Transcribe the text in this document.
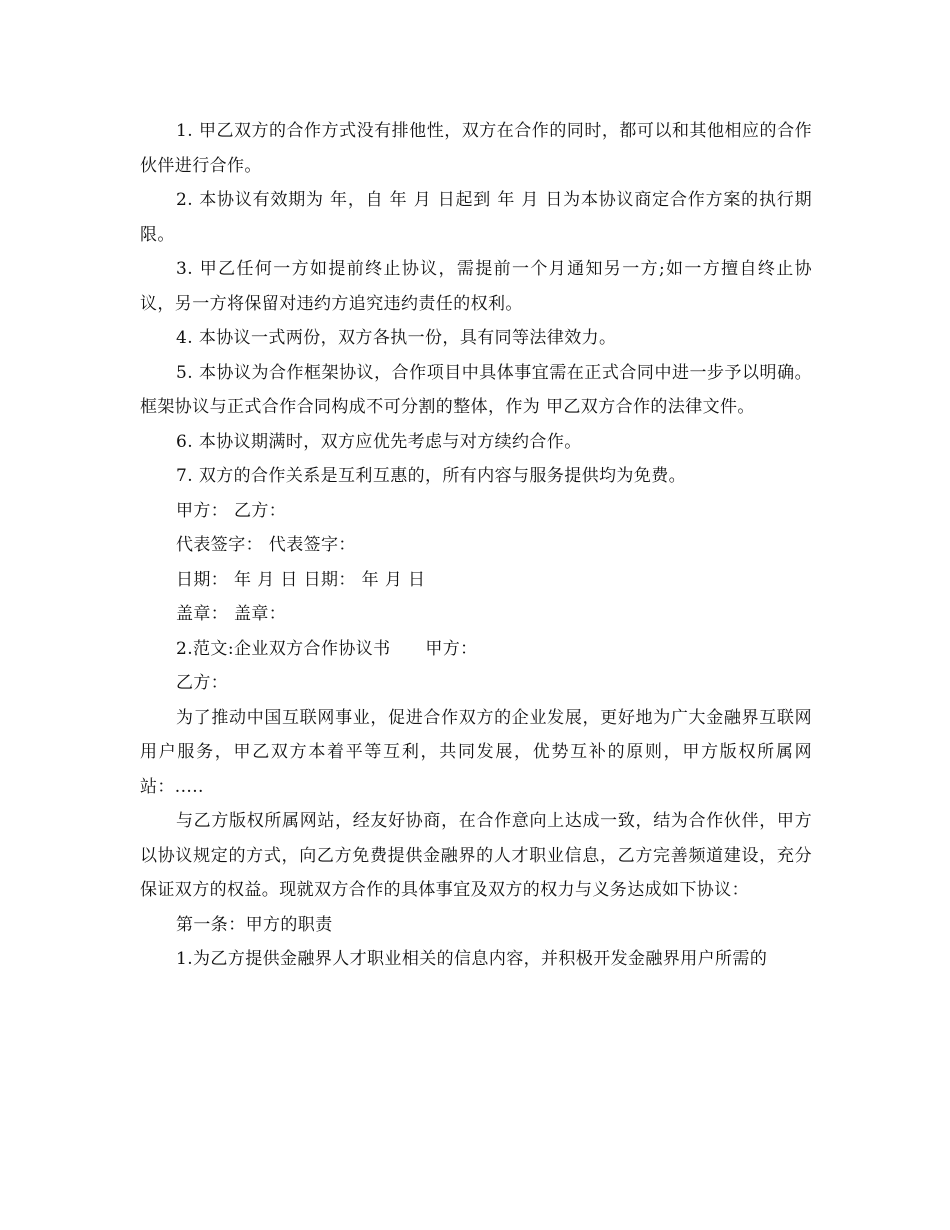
1. 甲乙双方的合作方式没有排他性，双方在合作的同时，都可以和其他相应的合作伙伴进行合作。

2. 本协议有效期为 年，自 年 月 日起到 年 月 日为本协议商定合作方案的执行期限。

3. 甲乙任何一方如提前终止协议，需提前一个月通知另一方;如一方擅自终止协议，另一方将保留对违约方追究违约责任的权利。

4. 本协议一式两份，双方各执一份，具有同等法律效力。

5. 本协议为合作框架协议，合作项目中具体事宜需在正式合同中进一步予以明确。框架协议与正式合作合同构成不可分割的整体，作为 甲乙双方合作的法律文件。

6. 本协议期满时，双方应优先考虑与对方续约合作。

7. 双方的合作关系是互利互惠的，所有内容与服务提供均为免费。

甲方： 乙方：

代表签字： 代表签字：

日期： 年 月 日 日期： 年 月 日

盖章： 盖章：

2.范文:企业双方合作协议书　　甲方：

乙方：

为了推动中国互联网事业，促进合作双方的企业发展，更好地为广大金融界互联网用户服务，甲乙双方本着平等互利，共同发展，优势互补的原则，甲方版权所属网站：.....

与乙方版权所属网站，经友好协商，在合作意向上达成一致，结为合作伙伴，甲方以协议规定的方式，向乙方免费提供金融界的人才职业信息，乙方完善频道建设，充分保证双方的权益。现就双方合作的具体事宜及双方的权力与义务达成如下协议：

第一条：甲方的职责

1.为乙方提供金融界人才职业相关的信息内容，并积极开发金融界用户所需的
